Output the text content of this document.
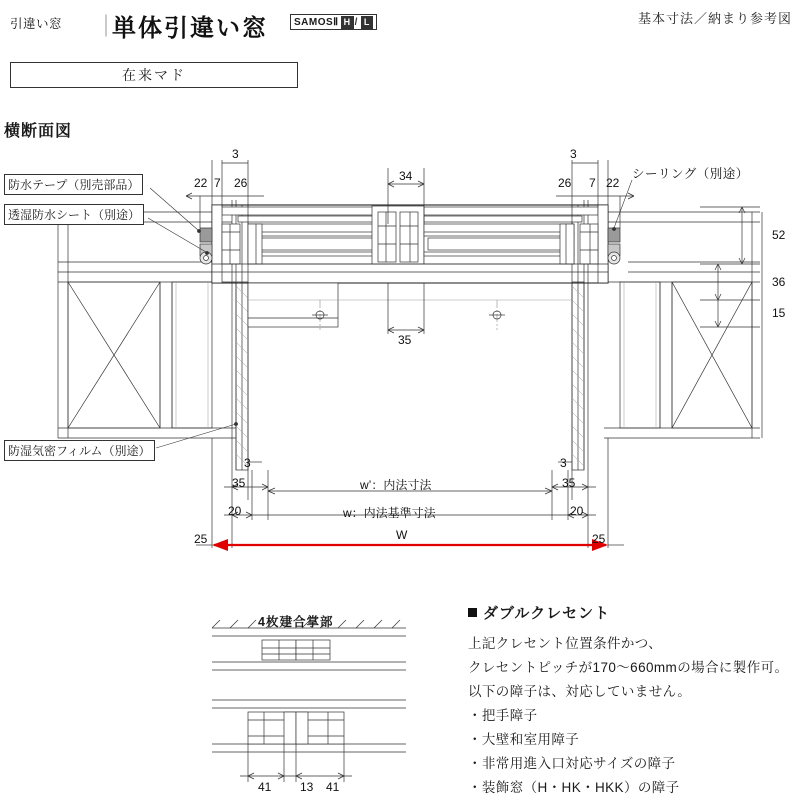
引違い窓 ｜
単体引違い窓	SAMOSⅡ H / L	基本寸法／納まり参考図
在来マド
横断面図
防水テープ（別売部品）
透湿防水シート（別途）
シーリング（別途）
防湿気密フィルム（別途）
22 7 26
3
34
3
26 7 22
52
36
15
35
3
35
20
3
35
20
w’：内法寸法
w：内法基準寸法
W
25	25
4枚建合掌部
41 13 41
ダブルクレセント
上記クレセント位置条件かつ、
クレセントピッチが170〜660mmの場合に製作可。
以下の障子は、対応していません。
・把手障子
・大壁和室用障子
・非常用進入口対応サイズの障子
・装飾窓（H・HK・HKK）の障子
